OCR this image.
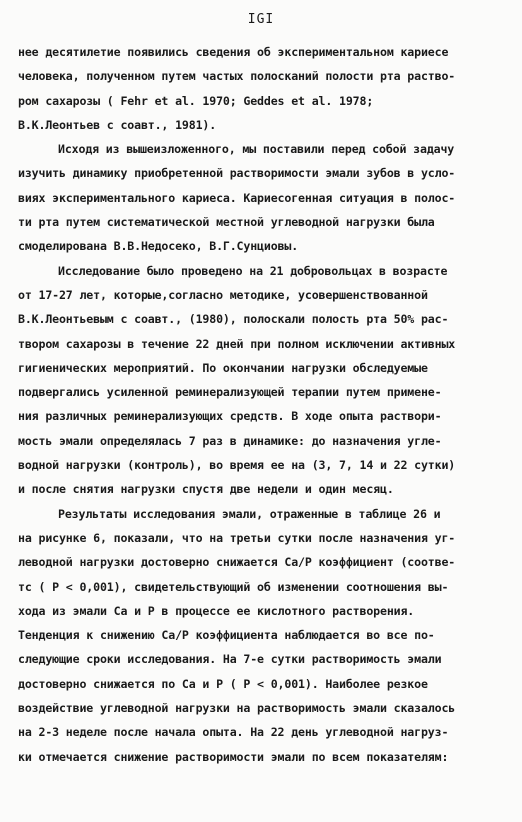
IGI
нее десятилетие появились сведения об экспериментальном кариесе
человека, полученном путем частых полосканий полости рта раство-
ром сахарозы ( Fehr et al. 1970; Geddes et al. 1978;
В.К.Леонтьев с соавт., 1981).
Исходя из вышеизложенного, мы поставили перед собой задачу
изучить динамику приобретенной растворимости эмали зубов в усло-
виях экспериментального кариеса. Кариесогенная ситуация в полос-
ти рта путем систематической местной углеводной нагрузки была
смоделирована В.В.Недосеко, В.Г.Сунциовы.
Исследование было проведено на 21 добровольцах в возрасте
от 17-27 лет, которые,согласно методике, усовершенствованной
В.К.Леонтьевым с соавт., (1980), полоскали полость рта 50% рас-
твором сахарозы в течение 22 дней при полном исключении активных
гигиенических мероприятий. По окончании нагрузки обследуемые
подвергались усиленной реминерализующей терапии путем примене-
ния различных реминерализующих средств. В ходе опыта раствори-
мость эмали определялась 7 раз в динамике: до назначения угле-
водной нагрузки (контроль), во время ее на (3, 7, 14 и 22 сутки)
и после снятия нагрузки спустя две недели и один месяц.
Результаты исследования эмали, отраженные в таблице 26 и
на рисунке 6, показали, что на третьи сутки после назначения уг-
леводной нагрузки достоверно снижается Ca/P коэффициент (соотве-
тс ( P < 0,001), свидетельствующий об изменении соотношения вы-
хода из эмали Ca и P в процессе ее кислотного растворения.
Тенденция к снижению Ca/P коэффициента наблюдается во все по-
следующие сроки исследования. На 7-е сутки растворимость эмали
достоверно снижается по Ca и P ( P < 0,001). Наиболее резкое
воздействие углеводной нагрузки на растворимость эмали сказалось
на 2-3 неделе после начала опыта. На 22 день углеводной нагруз-
ки отмечается снижение растворимости эмали по всем показателям:
